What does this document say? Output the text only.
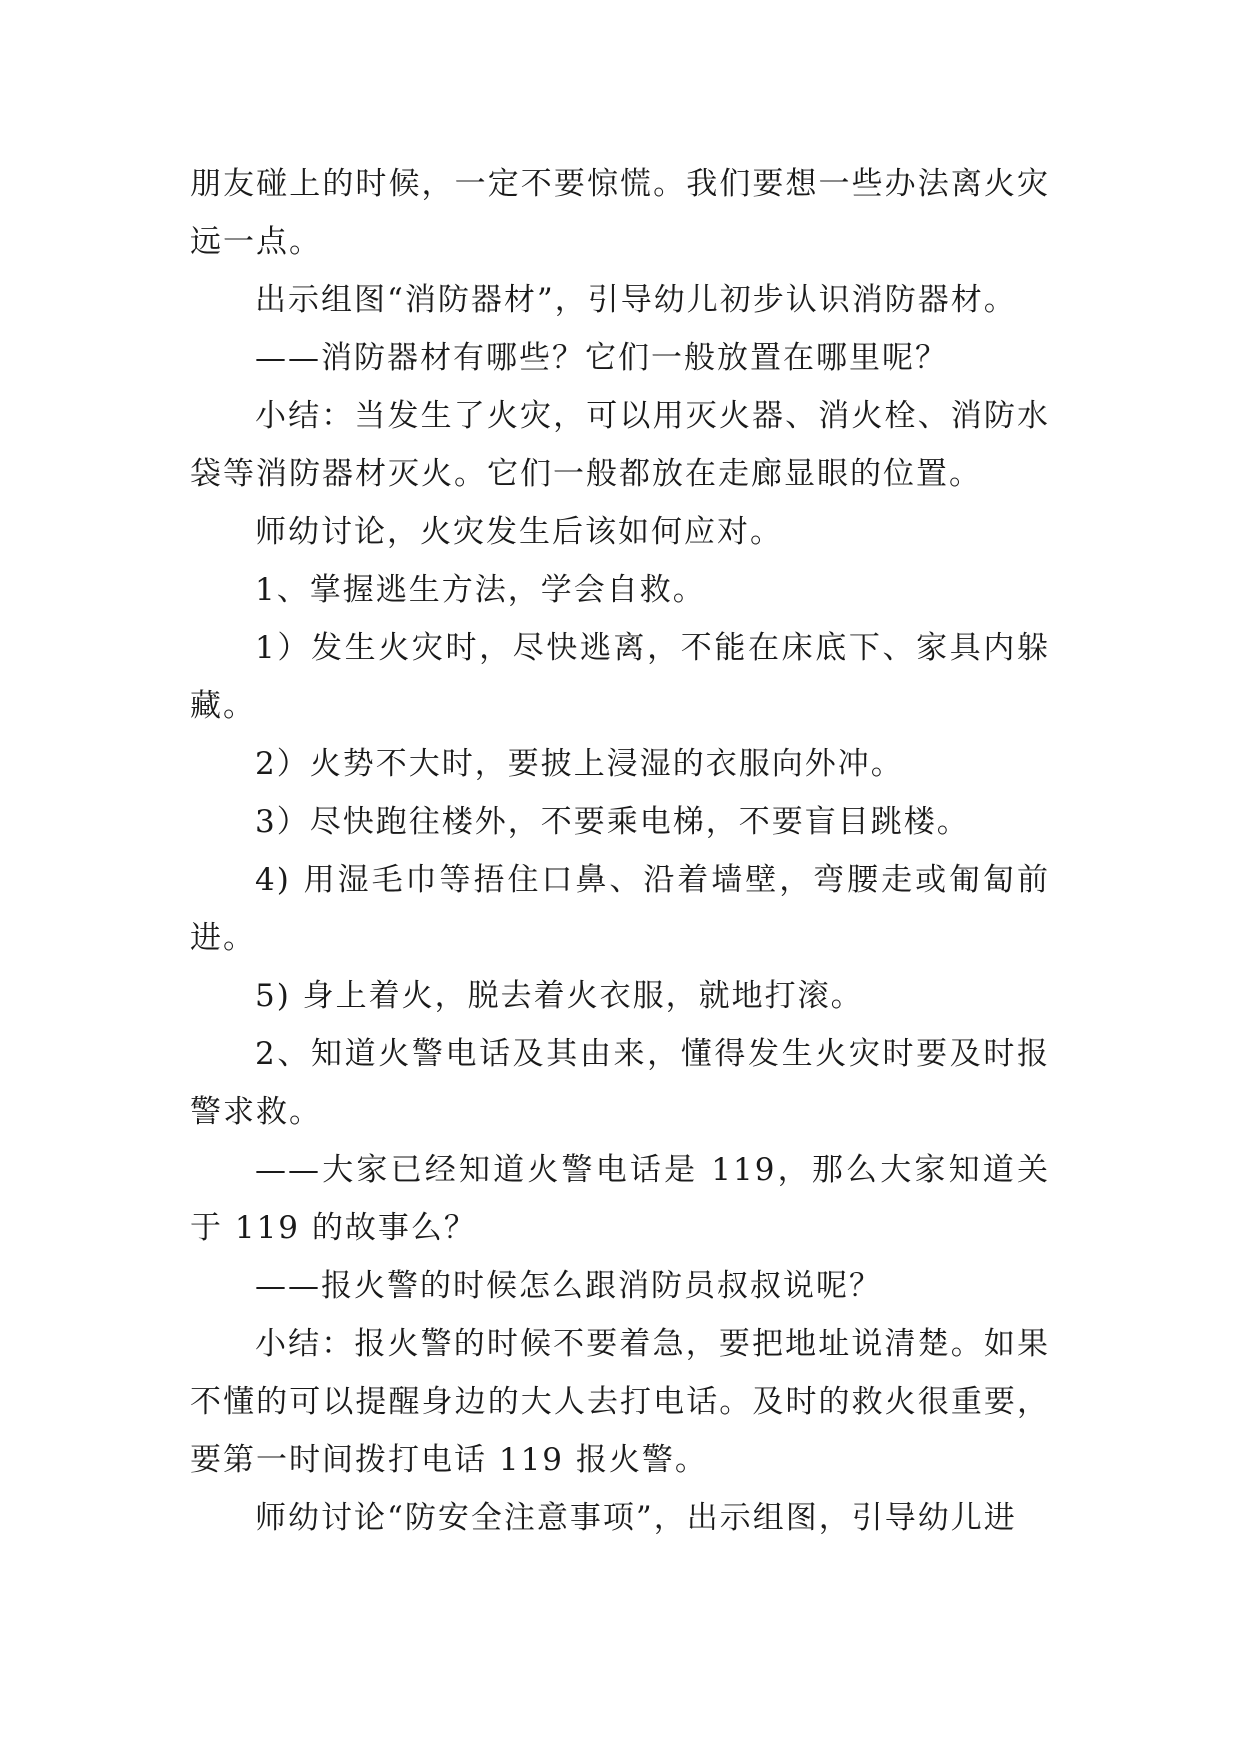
朋友碰上的时候，一定不要惊慌。我们要想一些办法离火灾远一点。

出示组图“消防器材”，引导幼儿初步认识消防器材。

——消防器材有哪些？它们一般放置在哪里呢？

小结：当发生了火灾，可以用灭火器、消火栓、消防水袋等消防器材灭火。它们一般都放在走廊显眼的位置。

师幼讨论，火灾发生后该如何应对。

1、掌握逃生方法，学会自救。

1）发生火灾时，尽快逃离，不能在床底下、家具内躲藏。

2）火势不大时，要披上浸湿的衣服向外冲。

3）尽快跑往楼外，不要乘电梯，不要盲目跳楼。

4) 用湿毛巾等捂住口鼻、沿着墙壁，弯腰走或匍匐前进。

5) 身上着火，脱去着火衣服，就地打滚。

2、知道火警电话及其由来，懂得发生火灾时要及时报警求救。

——大家已经知道火警电话是 119，那么大家知道关于 119 的故事么？

——报火警的时候怎么跟消防员叔叔说呢？

小结：报火警的时候不要着急，要把地址说清楚。如果不懂的可以提醒身边的大人去打电话。及时的救火很重要，要第一时间拨打电话 119 报火警。

师幼讨论“防安全注意事项”，出示组图，引导幼儿进
